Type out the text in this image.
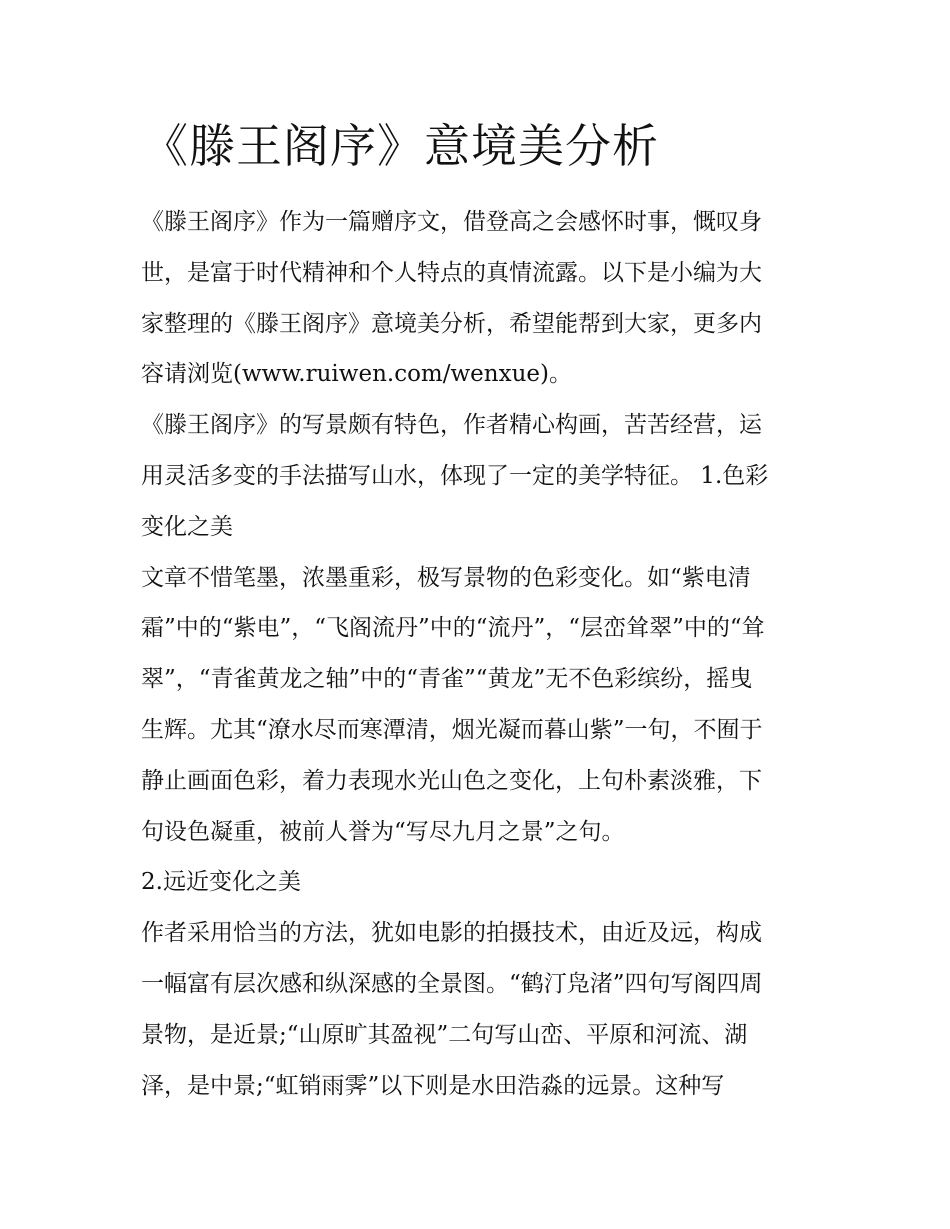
《滕王阁序》意境美分析
《滕王阁序》作为一篇赠序文，借登高之会感怀时事，慨叹身
世，是富于时代精神和个人特点的真情流露。以下是小编为大
家整理的《滕王阁序》意境美分析，希望能帮到大家，更多内
容请浏览(www.ruiwen.com/wenxue)。
《滕王阁序》的写景颇有特色，作者精心构画，苦苦经营，运
用灵活多变的手法描写山水，体现了一定的美学特征。 1.色彩
变化之美
文章不惜笔墨，浓墨重彩，极写景物的色彩变化。如“紫电清
霜”中的“紫电”，“飞阁流丹”中的“流丹”，“层峦耸翠”中的“耸
翠”，“青雀黄龙之轴”中的“青雀”“黄龙”无不色彩缤纷，摇曳
生辉。尤其“潦水尽而寒潭清，烟光凝而暮山紫”一句，不囿于
静止画面色彩，着力表现水光山色之变化，上句朴素淡雅，下
句设色凝重，被前人誉为“写尽九月之景”之句。
2.远近变化之美
作者采用恰当的方法，犹如电影的拍摄技术，由近及远，构成
一幅富有层次感和纵深感的全景图。“鹤汀凫渚”四句写阁四周
景物，是近景;“山原旷其盈视”二句写山峦、平原和河流、湖
泽，是中景;“虹销雨霁”以下则是水田浩淼的远景。这种写
